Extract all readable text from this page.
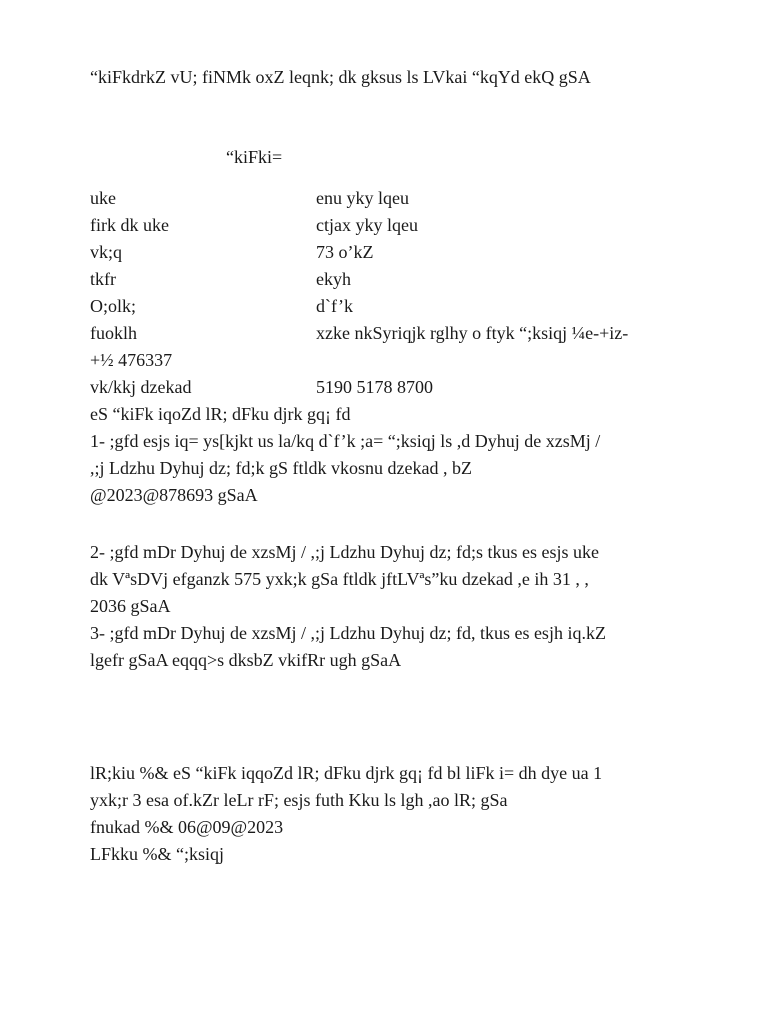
“kiFkdrkZ vU; fiNMk oxZ leqnk; dk gksus ls LVkai “kqYd ekQ gSA
“kiFki=
uke	enu yky lqeu
firk dk uke	ctjax yky lqeu
vk;q	73 o’kZ
tkfr	ekyh
O;olk;	d`f’k
fuoklh	xzke nkSyriqjk rglhy o ftyk “;ksiqj ¼e-+iz-
+½ 476337
vk/kkj dzekad	5190 5178 8700
eS “kiFk iqoZd lR; dFku djrk gq¡ fd
1- ;gfd esjs iq= ys[kjkt us la/kq d`f’k ;a= “;ksiqj ls ,d Dyhuj de xzsMj /
,;j Ldzhu Dyhuj dz; fd;k gS ftldk vkosnu dzekad , bZ
@2023@878693 gSaA
2- ;gfd mDr Dyhuj de xzsMj / ,;j Ldzhu Dyhuj dz; fd;s tkus es esjs uke
dk VªsDVj efganzk 575 yxk;k gSa ftldk jftLVªs”ku dzekad ,e ih 31 , ,
2036 gSaA
3- ;gfd mDr Dyhuj de xzsMj / ,;j Ldzhu Dyhuj dz; fd, tkus es esjh iq.kZ
lgefr gSaA eqqq>s dksbZ vkifRr ugh gSaA
lR;kiu %& eS “kiFk iqqoZd lR; dFku djrk gq¡ fd bl liFk i= dh dye ua 1
yxk;r 3 esa of.kZr leLr rF; esjs futh Kku ls lgh ,ao lR; gSa
fnukad %& 06@09@2023
LFkku %& “;ksiqj
